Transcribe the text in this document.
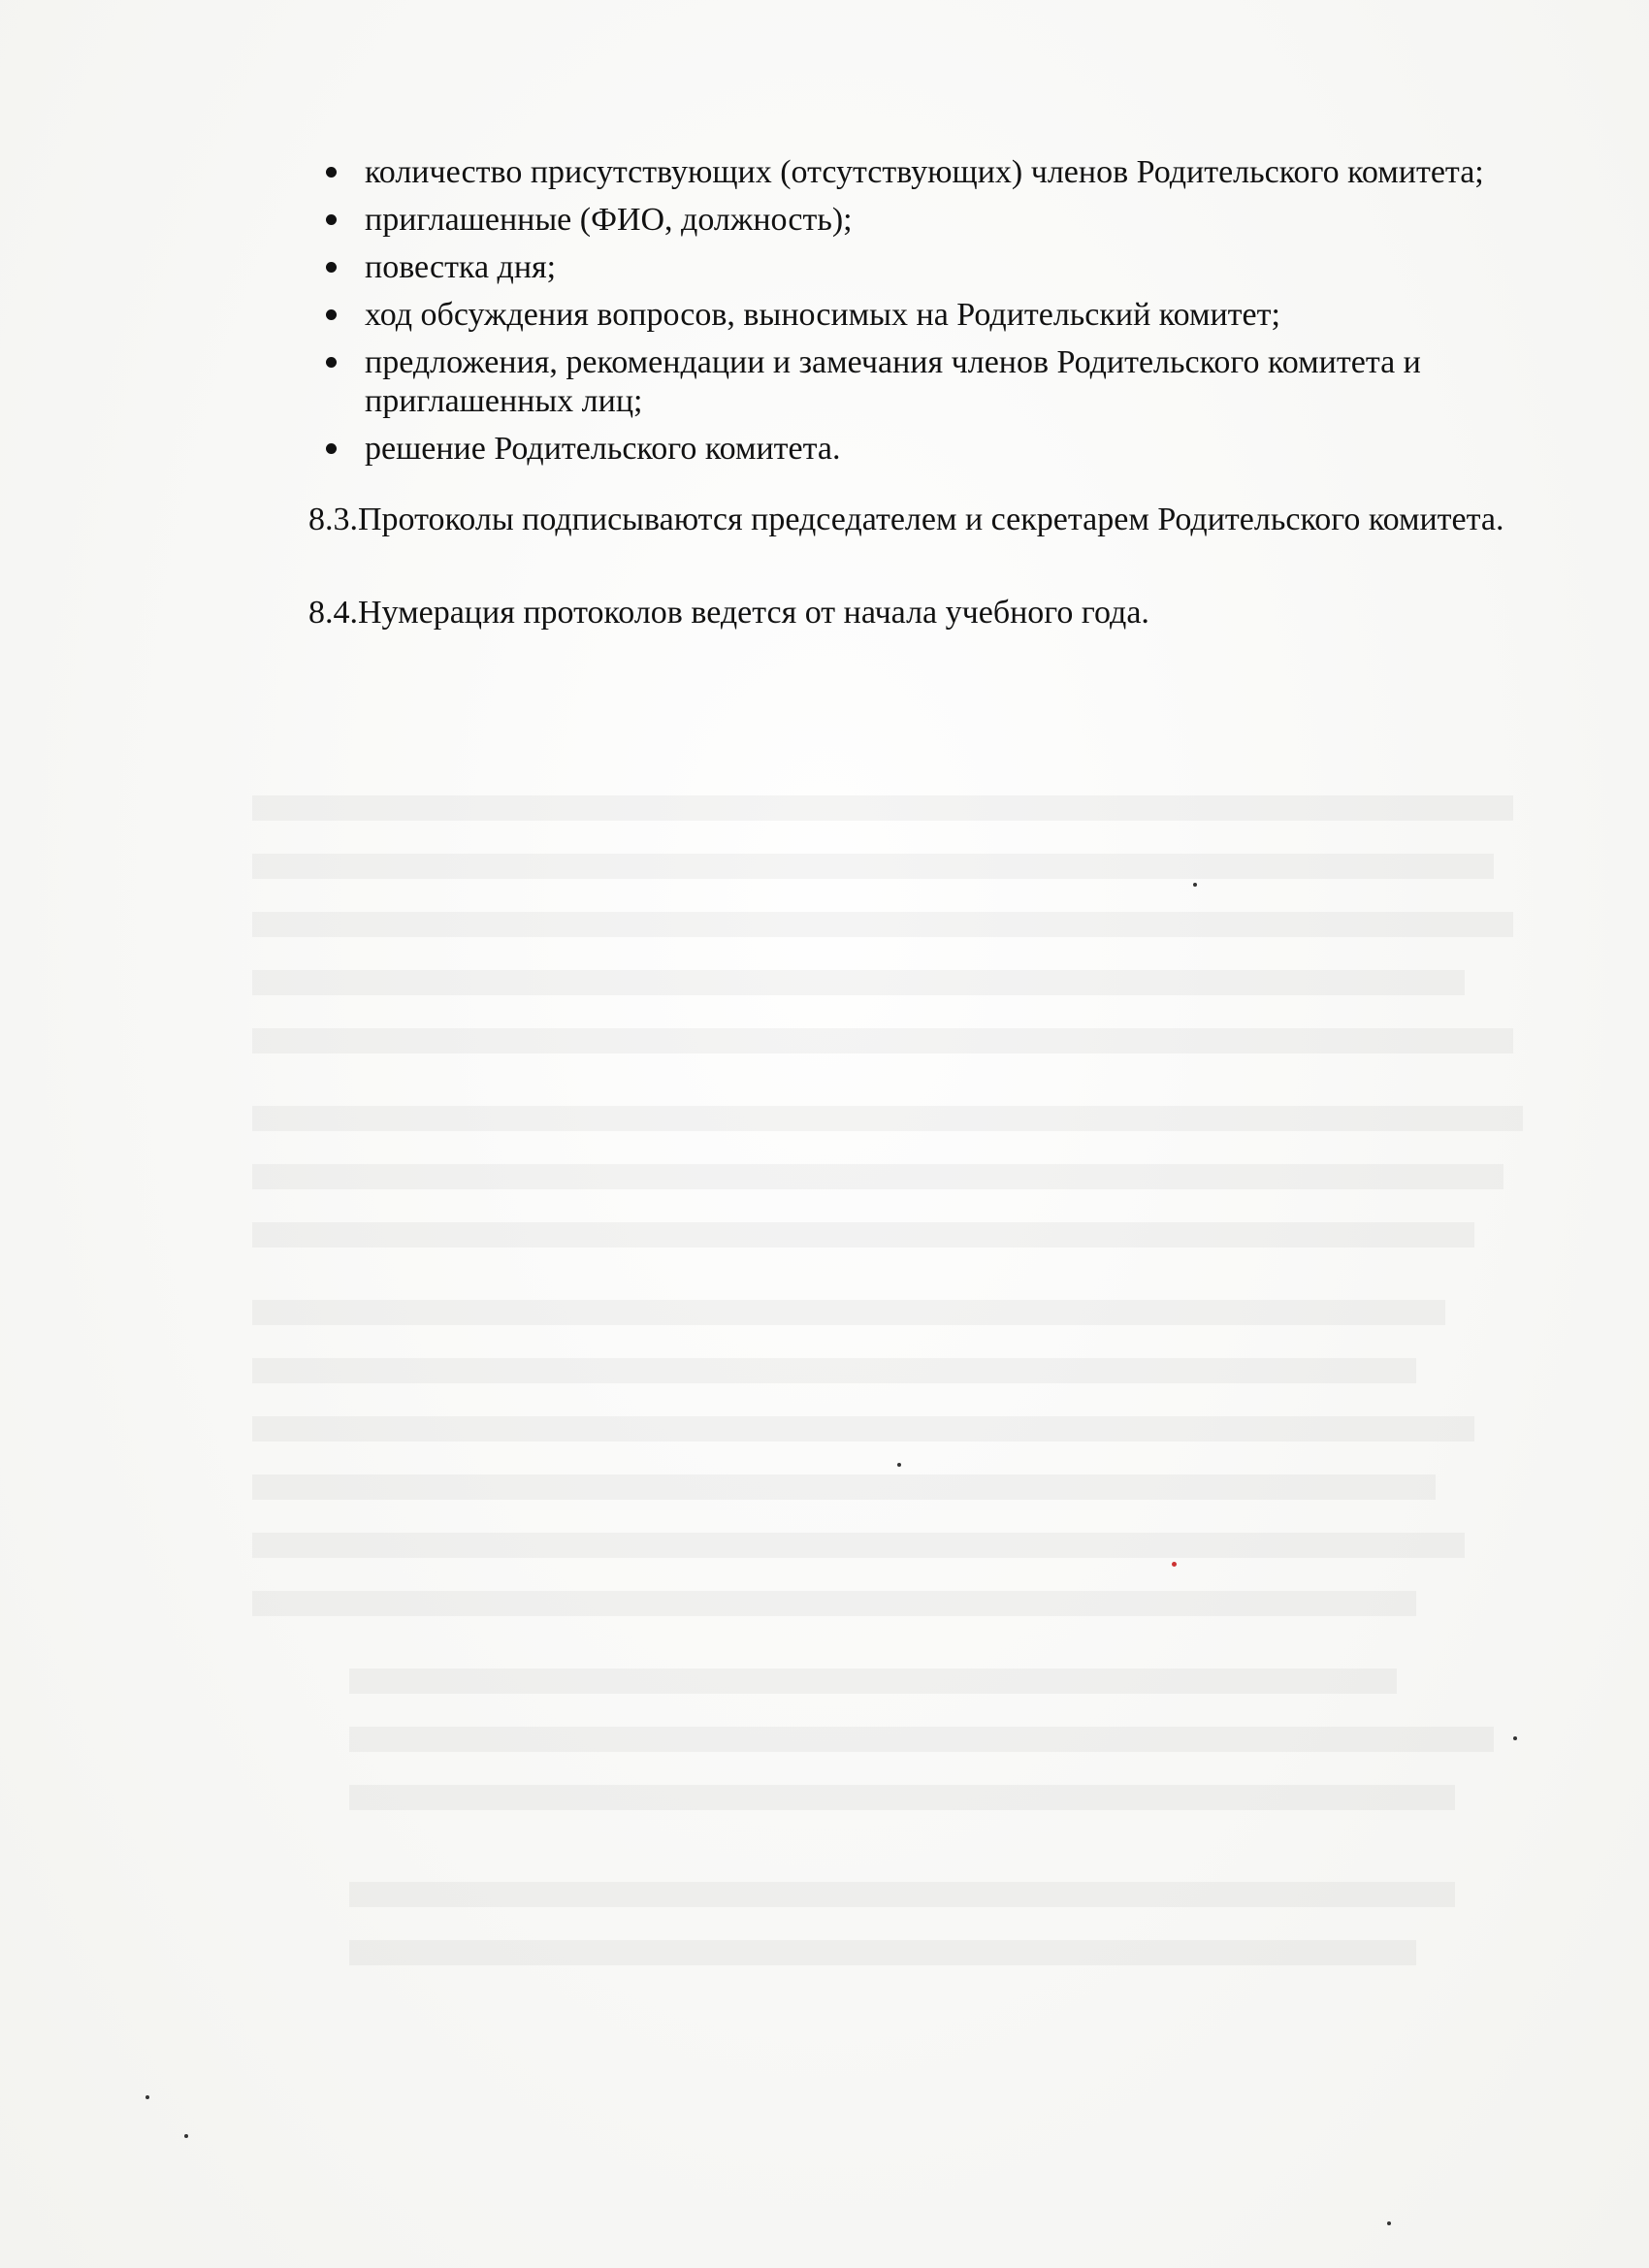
количество присутствующих (отсутствующих) членов Родительского комитета;
приглашенные (ФИО, должность);
повестка дня;
ход обсуждения вопросов, выносимых на Родительский комитет;
предложения, рекомендации и замечания членов Родительского комитета и приглашенных лиц;
решение Родительского комитета.

8.3.Протоколы подписываются председателем и секретарем Родительского комитета.

8.4.Нумерация протоколов ведется от начала учебного года.
